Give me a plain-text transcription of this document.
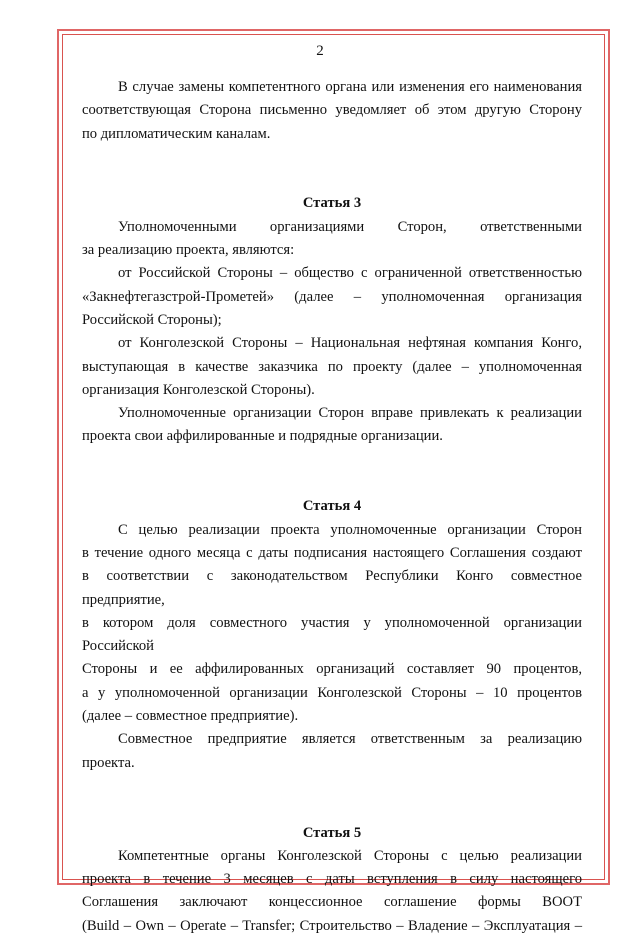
2
В случае замены компетентного органа или изменения его наименования
соответствующая Сторона письменно уведомляет об этом другую Сторону
по дипломатическим каналам.
Статья 3
Уполномоченными организациями Сторон, ответственными
за реализацию проекта, являются:
от Российской Стороны – общество с ограниченной ответственностью
«Закнефтегазстрой-Прометей» (далее – уполномоченная организация
Российской Стороны);
от Конголезской Стороны – Национальная нефтяная компания Конго,
выступающая в качестве заказчика по проекту (далее – уполномоченная
организация Конголезской Стороны).
Уполномоченные организации Сторон вправе привлекать к реализации
проекта свои аффилированные и подрядные организации.
Статья 4
С целью реализации проекта уполномоченные организации Сторон
в течение одного месяца с даты подписания настоящего Соглашения создают
в соответствии с законодательством Республики Конго совместное предприятие,
в котором доля совместного участия у уполномоченной организации Российской
Стороны и ее аффилированных организаций составляет 90 процентов,
а у уполномоченной организации Конголезской Стороны – 10 процентов
(далее – совместное предприятие).
Совместное предприятие является ответственным за реализацию
проекта.
Статья 5
Компетентные органы Конголезской Стороны с целью реализации
проекта в течение 3 месяцев с даты вступления в силу настоящего
Соглашения заключают концессионное соглашение формы BOOT
(Build – Own – Operate – Transfer; Строительство – Владение – Эксплуатация –
